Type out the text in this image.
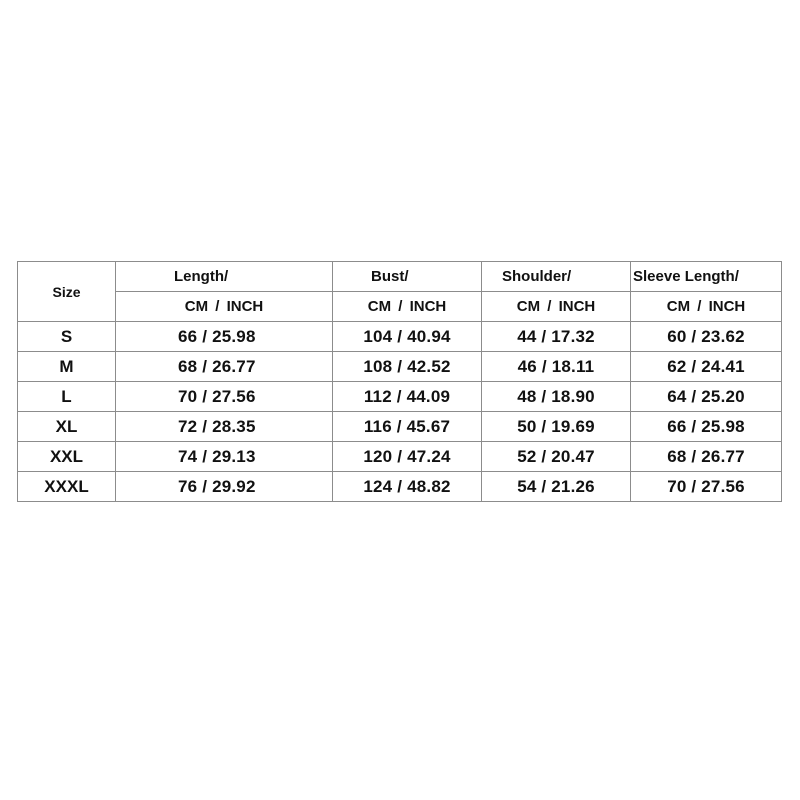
Size	Length/	Bust/	Shoulder/	Sleeve Length/
	CM / INCH	CM / INCH	CM / INCH	CM / INCH
S	66 / 25.98	104 / 40.94	44 / 17.32	60 / 23.62
M	68 / 26.77	108 / 42.52	46 / 18.11	62 / 24.41
L	70 / 27.56	112 / 44.09	48 / 18.90	64 / 25.20
XL	72 / 28.35	116 / 45.67	50 / 19.69	66 / 25.98
XXL	74 / 29.13	120 / 47.24	52 / 20.47	68 / 26.77
XXXL	76 / 29.92	124 / 48.82	54 / 21.26	70 / 27.56
